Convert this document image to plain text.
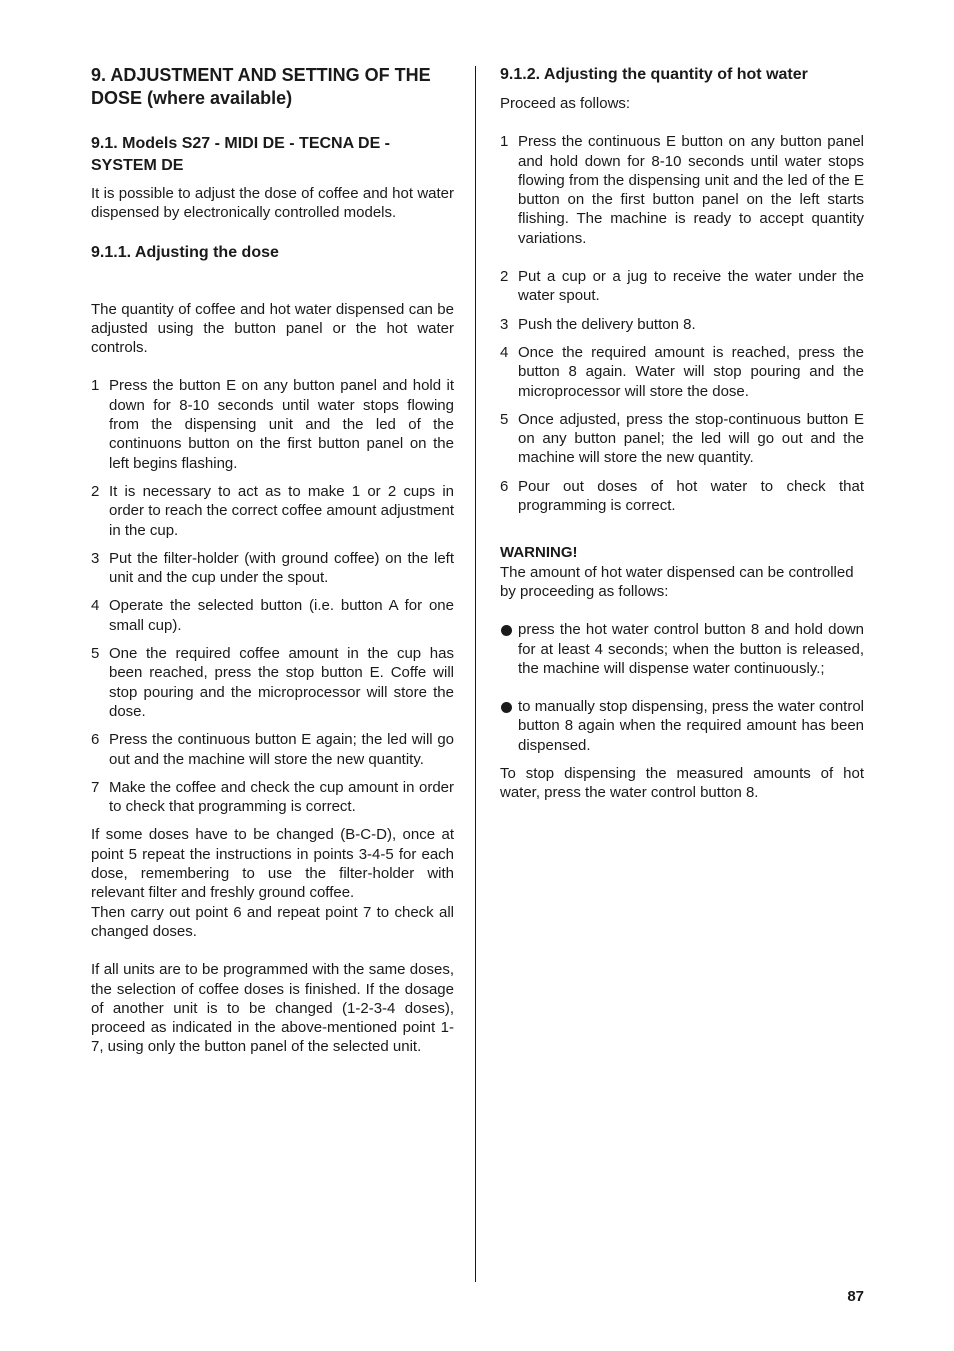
9. ADJUSTMENT AND SETTING OF THE DOSE (where available)
9.1. Models S27 - MIDI DE - TECNA DE - SYSTEM DE

It is possible to adjust the dose of coffee and hot water dispensed by electronically controlled models.

9.1.1. Adjusting the dose

The quantity of coffee and hot water dispensed can be adjusted using the button panel or the hot water controls.

1 Press the button E on any button panel and hold it down for 8-10 seconds until water stops flowing from the dispensing unit and the led of the continuons button on the first button panel on the left begins flashing.
2 It is necessary to act as to make 1 or 2 cups in order to reach the correct coffee amount adjustment in the cup.
3 Put the filter-holder (with ground coffee) on the left unit and the cup under the spout.
4 Operate the selected button (i.e. button A for one small cup).
5 One the required coffee amount in the cup has been reached, press the stop button E. Coffe will stop pouring and the microprocessor will store the dose.
6 Press the continuous button E again; the led will go out and the machine will store the new quantity.
7 Make the coffee and check the cup amount in order to check that programming is correct.

If some doses have to be changed (B-C-D), once at point 5 repeat the instructions in points 3-4-5 for each dose, remembering to use the filter-holder with relevant filter and freshly ground coffee.

Then carry out point 6 and repeat point 7 to check all changed doses.

If all units are to be programmed with the same doses, the selection of coffee doses is finished. If the dosage of another unit is to be changed (1-2-3-4 doses), proceed as indicated in the above-mentioned point 1-7, using only the button panel of the selected unit.

9.1.2. Adjusting the quantity of hot water

Proceed as follows:

1 Press the continuous E button on any button panel and hold down for 8-10 seconds until water stops flowing from the dispensing unit and the led of the E button on the first button panel on the left starts flishing. The machine is ready to accept quantity variations.
2 Put a cup or a jug to receive the water under the water spout.
3 Push the delivery button 8.
4 Once the required amount is reached, press the button 8 again. Water will stop pouring and the microprocessor will store the dose.
5 Once adjusted, press the stop-continuous button E on any button panel; the led will go out and the machine will store the new quantity.
6 Pour out doses of hot water to check that programming is correct.
WARNING!

The amount of hot water dispensed can be controlled by proceeding as follows:

press the hot water control button 8 and hold down for at least 4 seconds; when the button is released, the machine will dispense water continuously.;
to manually stop dispensing, press the water control button 8 again when the required amount has been dispensed.

To stop dispensing the measured amounts of hot water, press the water control button 8.

87
